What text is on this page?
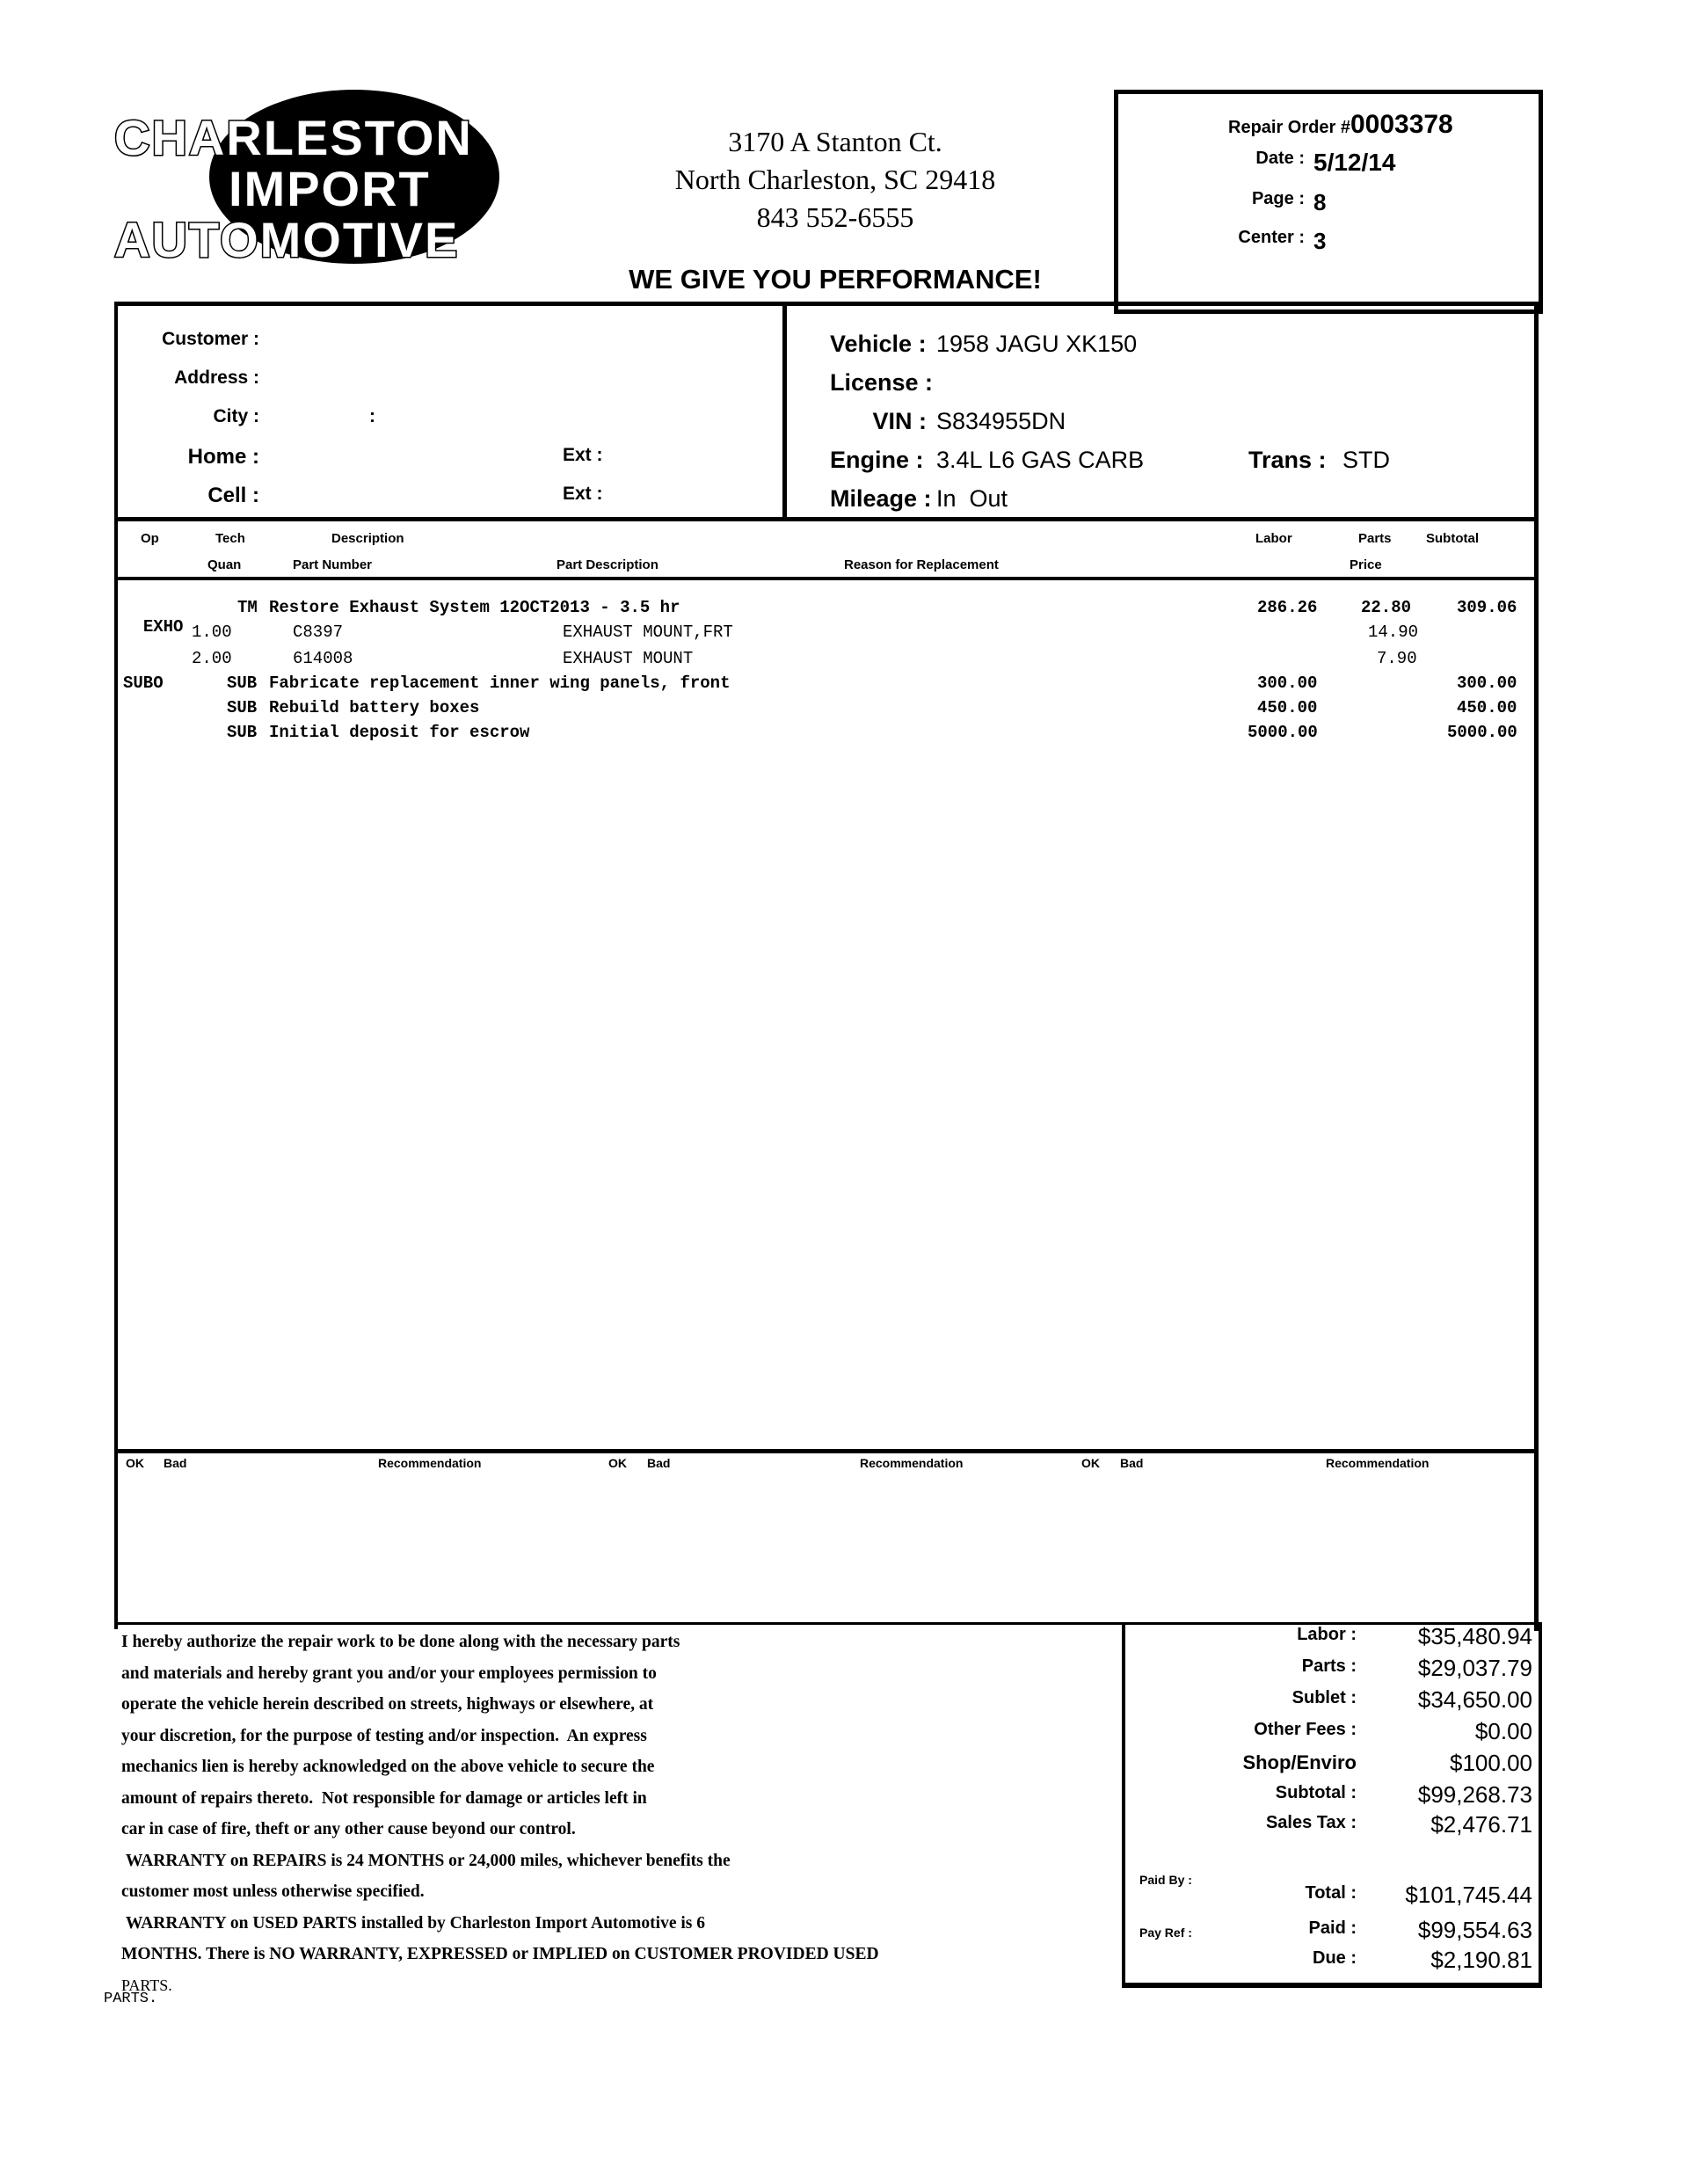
CHARLESTON
IMPORT
AUTOMOTIVE
3170 A Stanton Ct.
North Charleston, SC 29418
843 552-6555
WE GIVE YOU PERFORMANCE!
Repair Order #0003378
Date : 5/12/14
Page : 8
Center : 3
Customer :
Address :
City :	:
Home :
Cell :
Ext :
Ext :
Vehicle : 1958 JAGU XK150
License :
VIN : S834955DN
Engine : 3.4L L6 GAS CARB	Trans : STD
Mileage : In  Out
Op	Tech	Description	Labor	Parts	Subtotal
Quan	Part Number	Part Description	Reason for Replacement	Price

EXHO

TM Restore Exhaust System 12OCT2013 - 3.5 hr	286.26	22.80	309.06
1.00	C8397	EXHAUST MOUNT,FRT	14.90
2.00	614008	EXHAUST MOUNT	7.90
SUBO	SUB Fabricate replacement inner wing panels, front	300.00	300.00
SUB Rebuild battery boxes	450.00	450.00
SUB Initial deposit for escrow	5000.00	5000.00
OK Bad	Recommendation	OK Bad	Recommendation	OK Bad	Recommendation

I hereby authorize the repair work to be done along with the necessary parts

and materials and hereby grant you and/or your employees permission to

operate the vehicle herein described on streets, highways or elsewhere, at

your discretion, for the purpose of testing and/or inspection.  An express

mechanics lien is hereby acknowledged on the above vehicle to secure the

amount of repairs thereto.  Not responsible for damage or articles left in

car in case of fire, theft or any other cause beyond our control.

WARRANTY on REPAIRS is 24 MONTHS or 24,000 miles, whichever benefits the

customer most unless otherwise specified.

WARRANTY on USED PARTS installed by Charleston Import Automotive is 6

MONTHS. There is NO WARRANTY, EXPRESSED or IMPLIED on CUSTOMER PROVIDED USED

PARTS.

PARTS.
Labor :	$35,480.94
Parts :	$29,037.79
Sublet :	$34,650.00
Other Fees :	$0.00
Shop/Enviro	$100.00
Subtotal :	$99,268.73
Sales Tax :	$2,476.71
Paid By :
Total :	$101,745.44
Pay Ref :	Paid :	$99,554.63
Due :	$2,190.81
